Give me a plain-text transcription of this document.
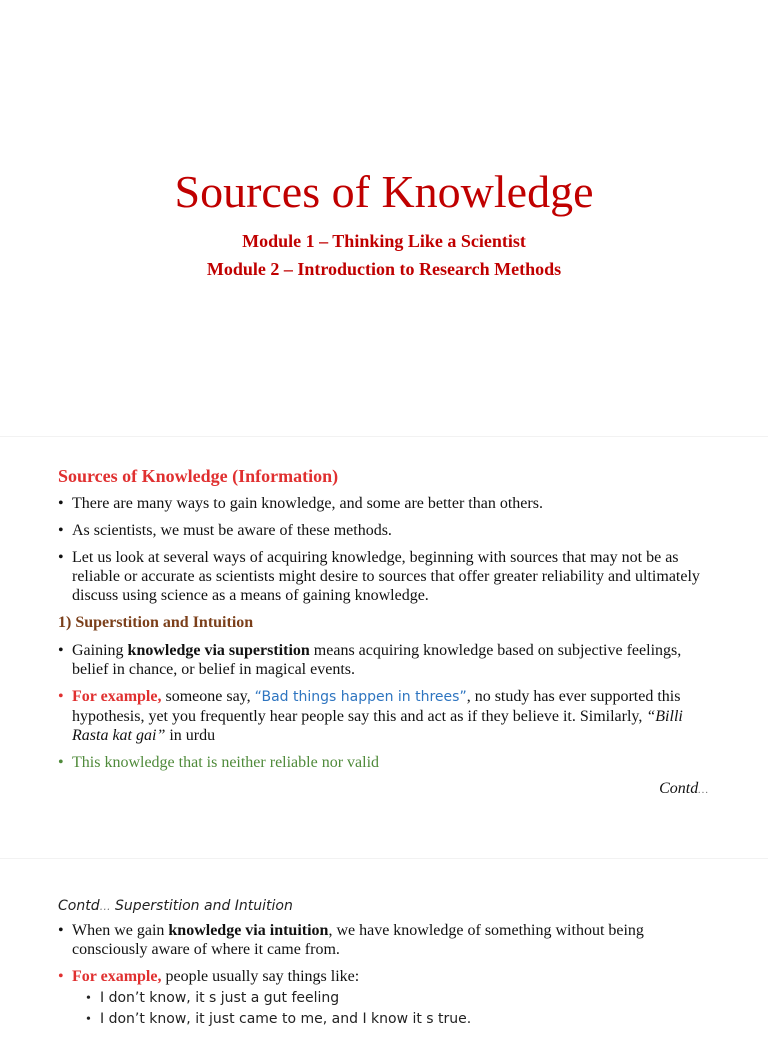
Sources of Knowledge
Module 1 – Thinking Like a Scientist
Module 2 – Introduction to Research Methods
Sources of Knowledge (Information)
• There are many ways to gain knowledge, and some are better than others.
• As scientists, we must be aware of these methods.
• Let us look at several ways of acquiring knowledge, beginning with sources that may not be as reliable or accurate as scientists might desire to sources that offer greater reliability and ultimately discuss using science as a means of gaining knowledge.
1) Superstition and Intuition
• Gaining knowledge via superstition means acquiring knowledge based on subjective feelings, belief in chance, or belief in magical events.
• For example, someone say, “Bad things happen in threes”, no study has ever supported this hypothesis, yet you frequently hear people say this and act as if they believe it. Similarly, “Billi Rasta kat gai” in urdu
• This knowledge that is neither reliable nor valid
Contd…
Contd… Superstition and Intuition
• When we gain knowledge via intuition, we have knowledge of something without being consciously aware of where it came from.
• For example, people usually say things like:
• I don’t know, it s just a gut feeling
• I don’t know, it just came to me, and I know it s true.
